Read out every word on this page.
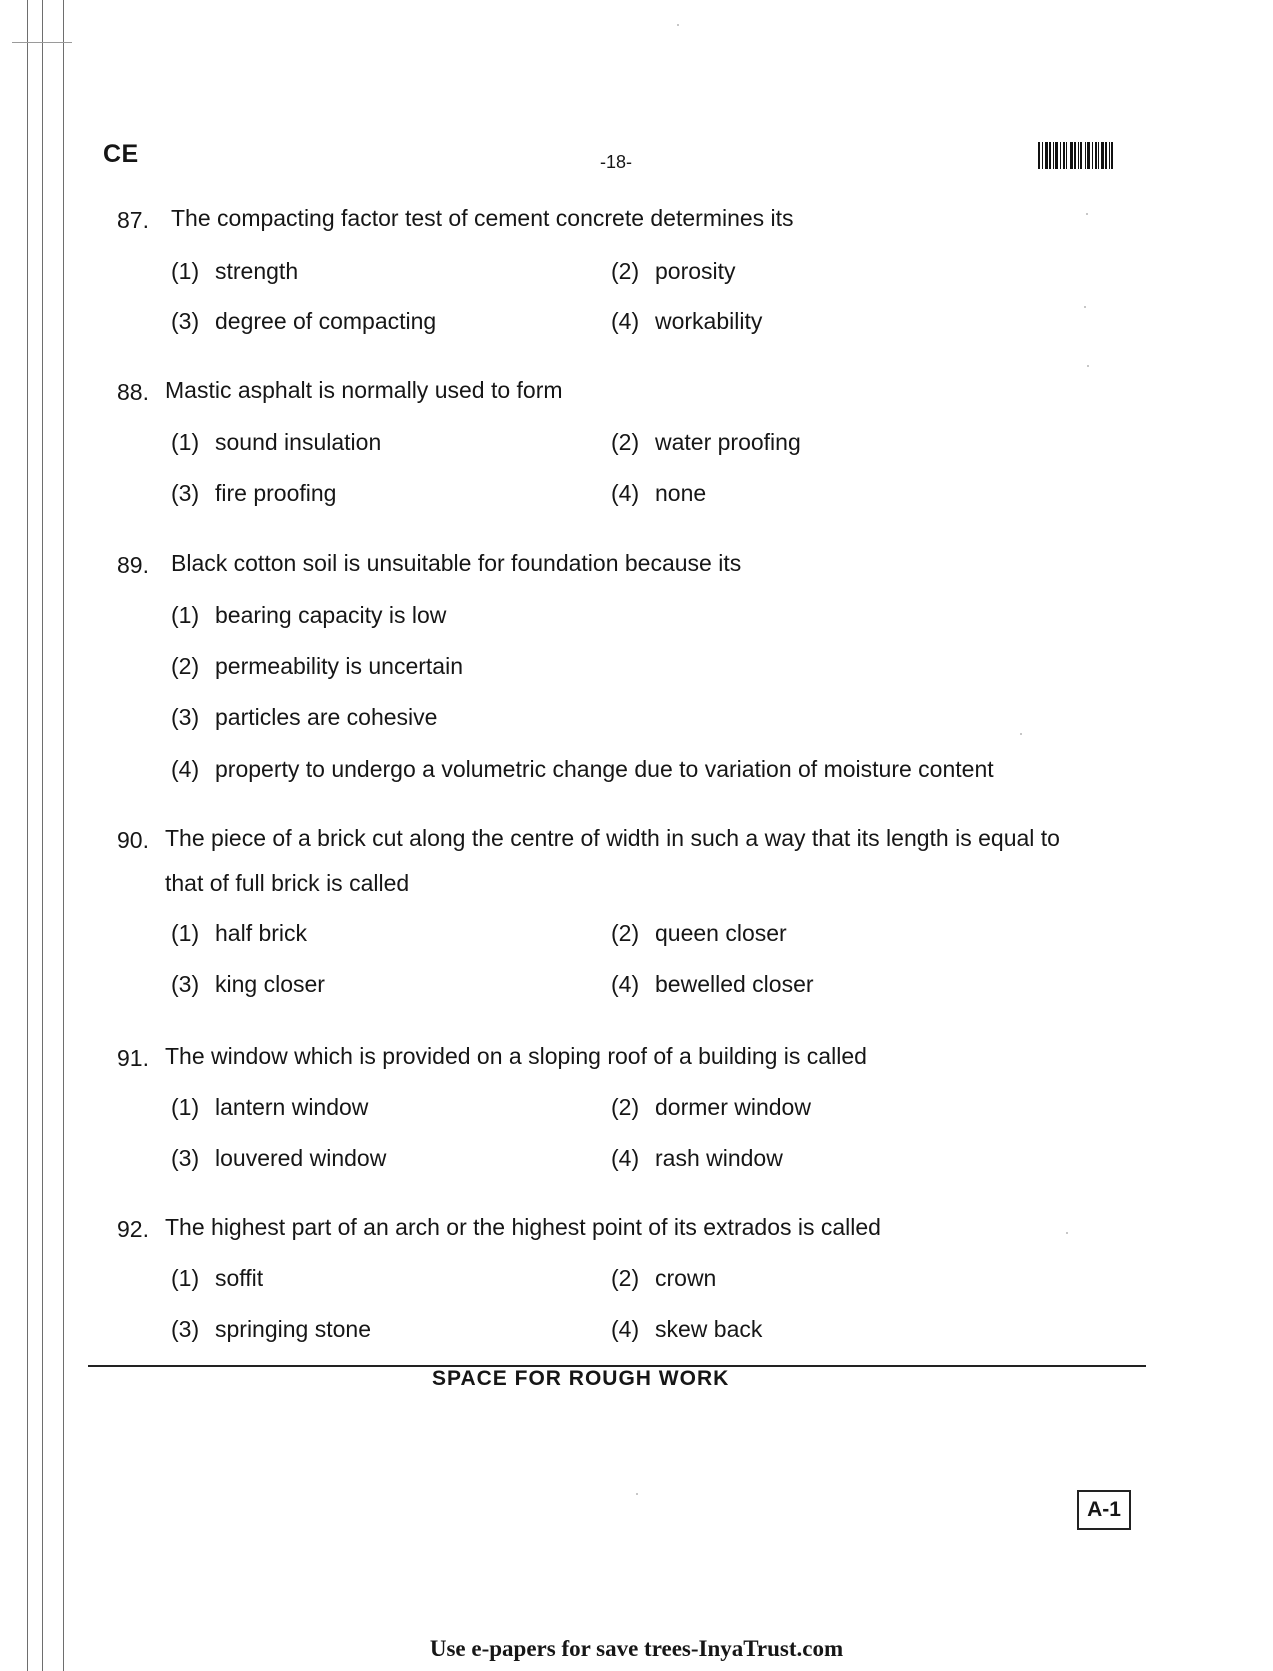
CE	-18-
87. The compacting factor test of cement concrete determines its
(1) strength	(2) porosity
(3) degree of compacting	(4) workability
88. Mastic asphalt is normally used to form
(1) sound insulation	(2) water proofing
(3) fire proofing	(4) none
89. Black cotton soil is unsuitable for foundation because its
(1) bearing capacity is low
(2) permeability is uncertain
(3) particles are cohesive
(4) property to undergo a volumetric change due to variation of moisture content
90. The piece of a brick cut along the centre of width in such a way that its length is equal to that of full brick is called
(1) half brick	(2) queen closer
(3) king closer	(4) bewelled closer
91. The window which is provided on a sloping roof of a building is called
(1) lantern window	(2) dormer window
(3) louvered window	(4) rash window
92. The highest part of an arch or the highest point of its extrados is called
(1) soffit	(2) crown
(3) springing stone	(4) skew back
SPACE FOR ROUGH WORK
A-1
Use e-papers for save trees-InyaTrust.com
